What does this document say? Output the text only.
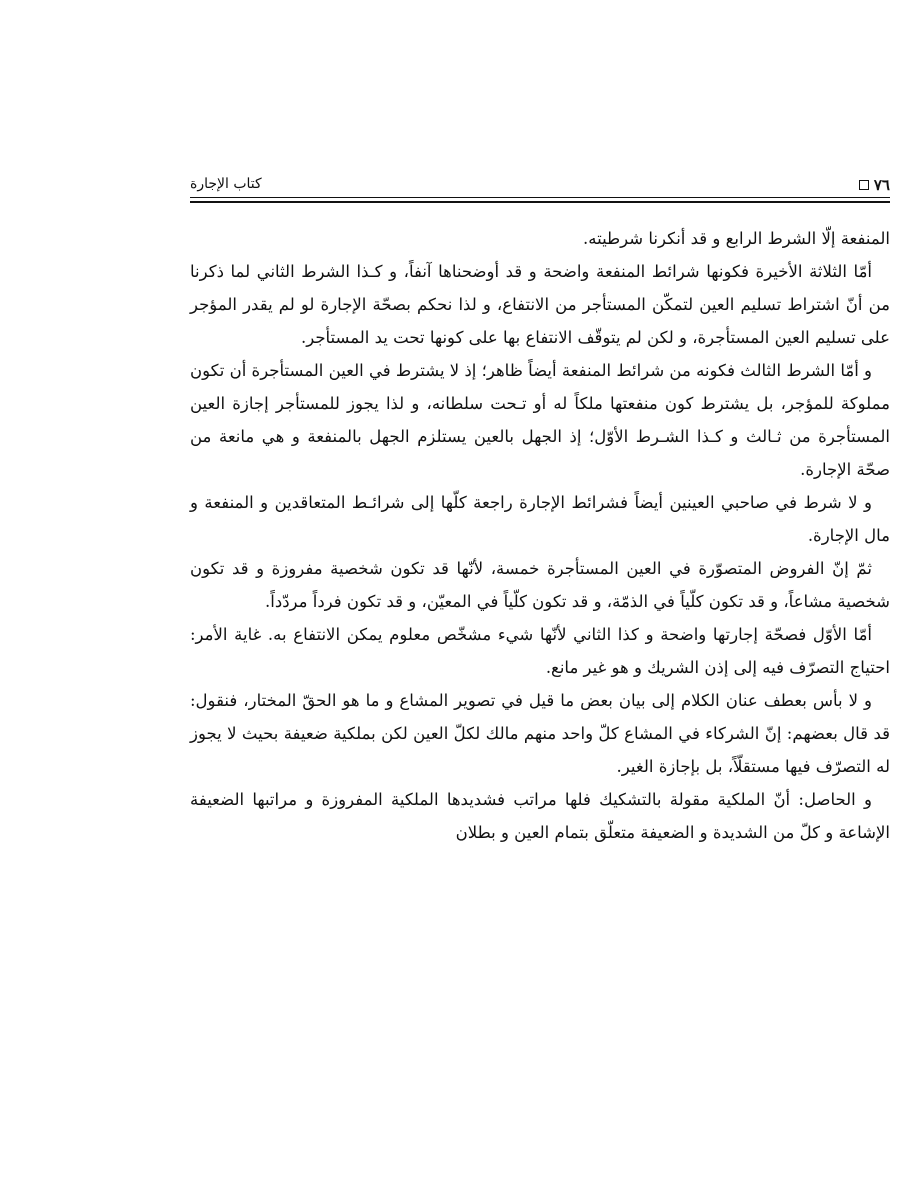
كتاب الإجارة	٧٦

المنفعة إلّا الشرط الرابع و قد أنكرنا شرطيته.

أمّا الثلاثة الأخيرة فكونها شرائط المنفعة واضحة و قد أوضحناها آنفاً، و كـذا الشرط الثاني لما ذكرنا من أنّ اشتراط تسليم العين لتمكّن المستأجر من الانتفاع، و لذا نحكم بصحّة الإجارة لو لم يقدر المؤجر على تسليم العين المستأجرة، و لكن لم يتوقّف الانتفاع بها على كونها تحت يد المستأجر.

و أمّا الشرط الثالث فكونه من شرائط المنفعة أيضاً ظاهر؛ إذ لا يشترط في العين المستأجرة أن تكون مملوكة للمؤجر، بل يشترط كون منفعتها ملكاً له أو تـحت سلطانه، و لذا يجوز للمستأجر إجازة العين المستأجرة من ثـالث و كـذا الشـرط الأوّل؛ إذ الجهل بالعين يستلزم الجهل بالمنفعة و هي مانعة من صحّة الإجارة.

و لا شرط في صاحبي العينين أيضاً فشرائط الإجارة راجعة كلّها إلى شرائـط المتعاقدين و المنفعة و مال الإجارة.

ثمّ إنّ الفروض المتصوّرة في العين المستأجرة خمسة، لأنّها قد تكون شخصية مفروزة و قد تكون شخصية مشاعاً، و قد تكون كلّياً في الذمّة، و قد تكون كلّياً في المعيّن، و قد تكون فرداً مردّداً.

أمّا الأوّل فصحّة إجارتها واضحة و كذا الثاني لأنّها شيء مشخّص معلوم يمكن الانتفاع به. غاية الأمر: احتياج التصرّف فيه إلى إذن الشريك و هو غير مانع.

و لا بأس بعطف عنان الكلام إلى بيان بعض ما قيل في تصوير المشاع و ما هو الحقّ المختار، فنقول: قد قال بعضهم: إنّ الشركاء في المشاع كلّ واحد منهم مالك لكلّ العين لكن بملكية ضعيفة بحيث لا يجوز له التصرّف فيها مستقلّاً، بل بإجازة الغير.

و الحاصل: أنّ الملكية مقولة بالتشكيك فلها مراتب فشديدها الملكية المفروزة و مراتبها الضعيفة الإشاعة و كلّ من الشديدة و الضعيفة متعلّق بتمام العين و بطلان
